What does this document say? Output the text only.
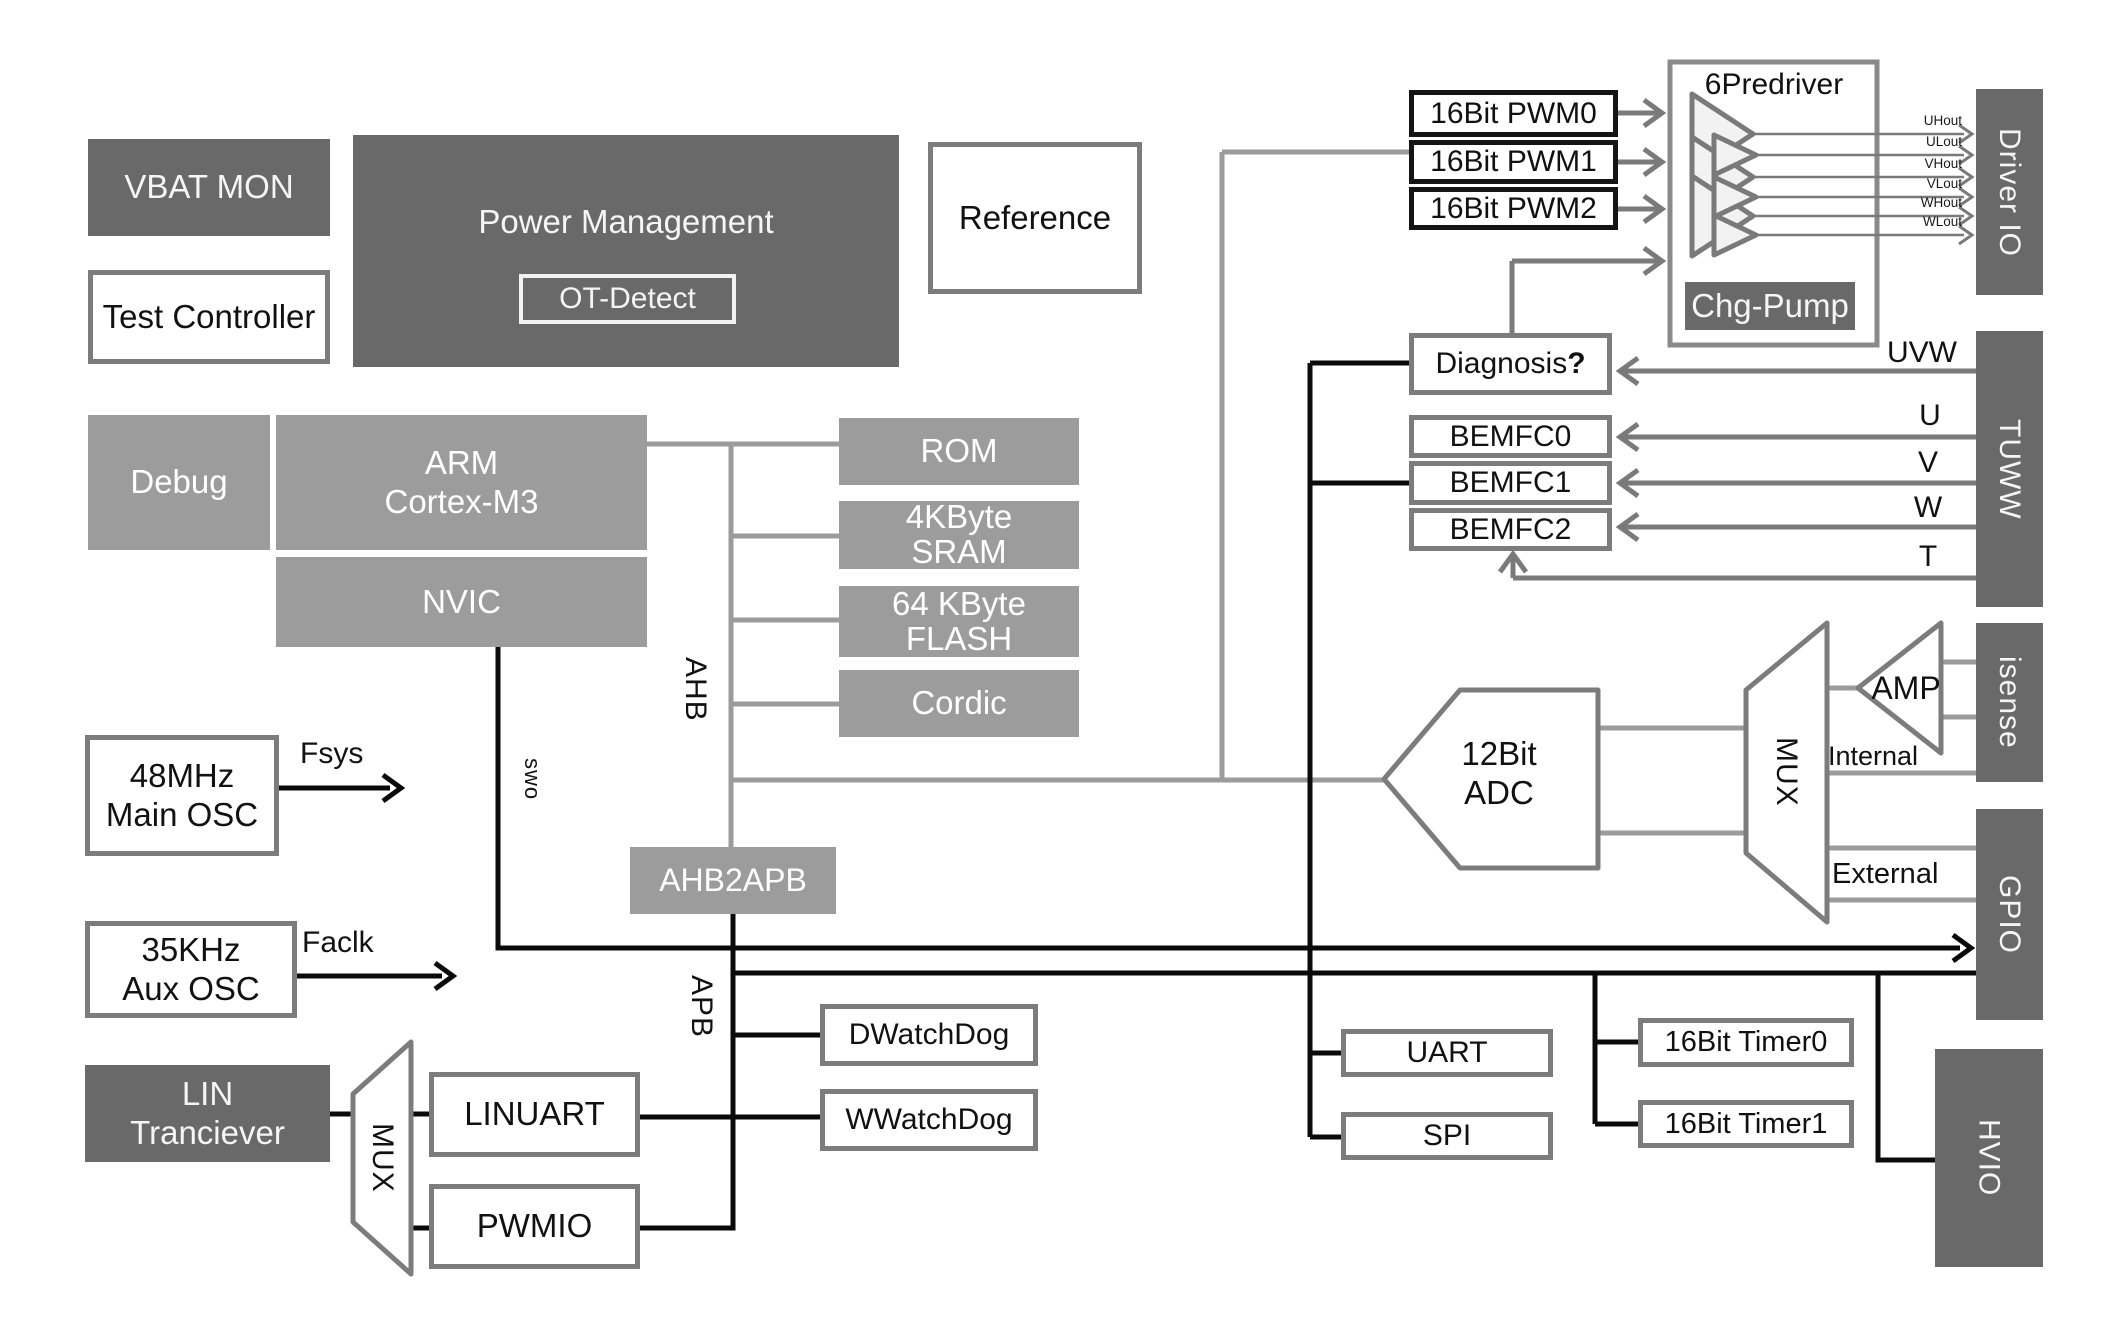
VBAT MON
Test Controller
Power Management
OT-Detect
Reference
Debug
ARM
Cortex-M3
NVIC
ROM
4KByte
SRAM
64 KByte
FLASH
Cordic
AHB2APB
48MHz
Main OSC
35KHz
Aux OSC
DWatchDog
WWatchDog
LIN
Tranciever	LINUART
PWMIO
16Bit PWM0
16Bit PWM1
16Bit PWM2
6Predriver
Chg-Pump
Diagnosis?
BEMFC0
BEMFC1
BEMFC2
UART
SPI
16Bit Timer0
16Bit Timer1
Driver IO
TUWW
isense
GPIO
HVIO
AHB
APB
swo
MUX
MUX
12Bit
ADC
AMP
Fsys
Faclk
UVW
U
V
W
T
Internal
External
UHout
ULout
VHout
VLout
WHout
WLout
